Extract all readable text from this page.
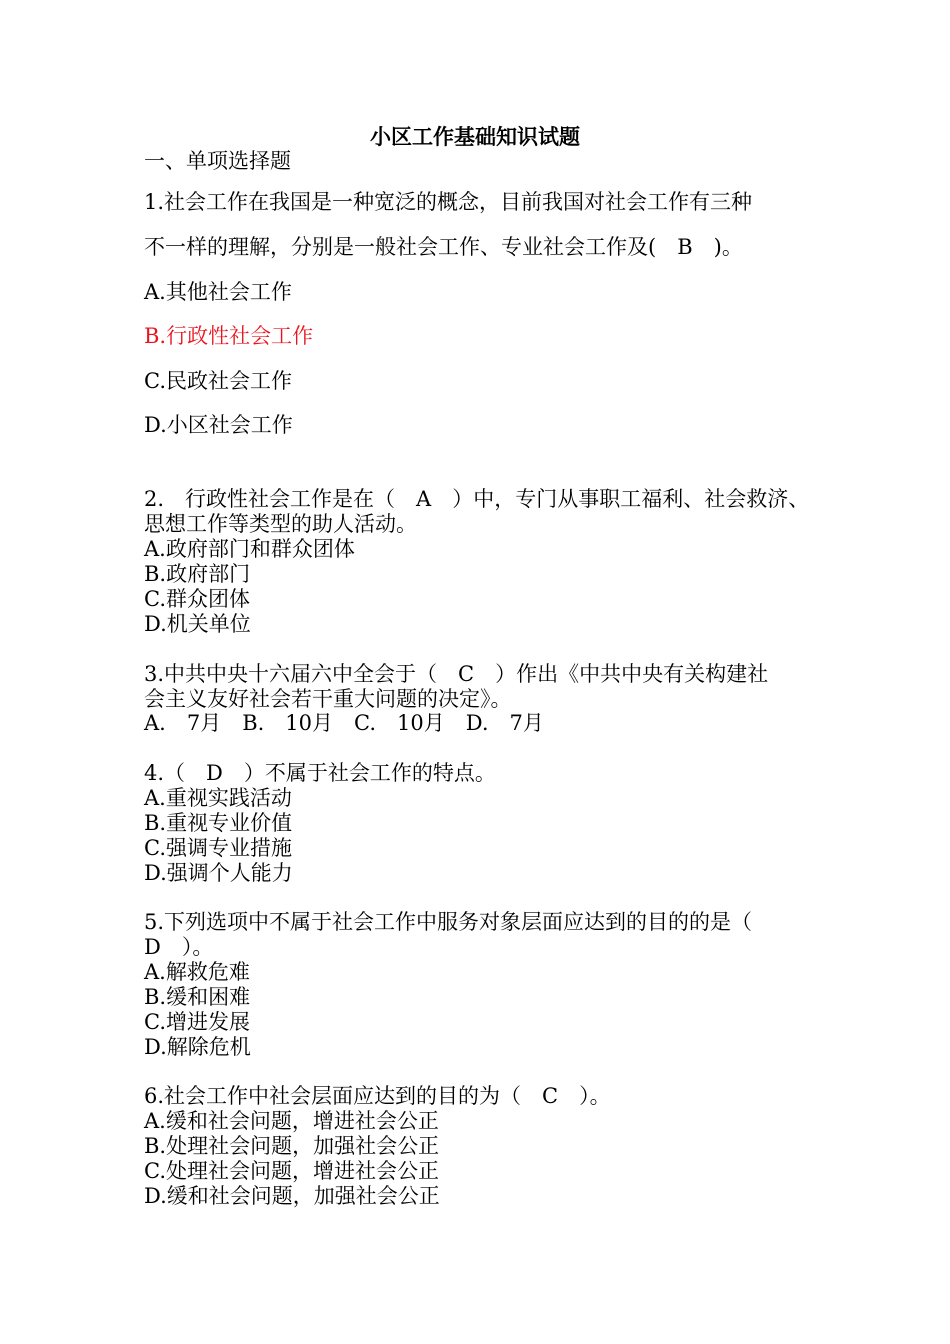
小区工作基础知识试题

一、单项选择题

1.社会工作在我国是一种宽泛的概念，目前我国对社会工作有三种

不一样的理解，分别是一般社会工作、专业社会工作及(　B　)。

A.其他社会工作

B.行政性社会工作

C.民政社会工作

D.小区社会工作

2.　行政性社会工作是在（　A　）中，专门从事职工福利、社会救济、

思想工作等类型的助人活动。

A.政府部门和群众团体

B.政府部门

C.群众团体

D.机关单位

3.中共中央十六届六中全会于（　C　）作出《中共中央有关构建社

会主义友好社会若干重大问题的决定》。

A.　7月　B.　10月　C.　10月　D.　7月

4.（　D　）不属于社会工作的特点。

A.重视实践活动

B.重视专业价值

C.强调专业措施

D.强调个人能力

5.下列选项中不属于社会工作中服务对象层面应达到的目的的是（

D　）。

A.解救危难

B.缓和困难

C.增进发展

D.解除危机

6.社会工作中社会层面应达到的目的为（　C　）。

A.缓和社会问题，增进社会公正

B.处理社会问题，加强社会公正

C.处理社会问题，增进社会公正

D.缓和社会问题，加强社会公正
